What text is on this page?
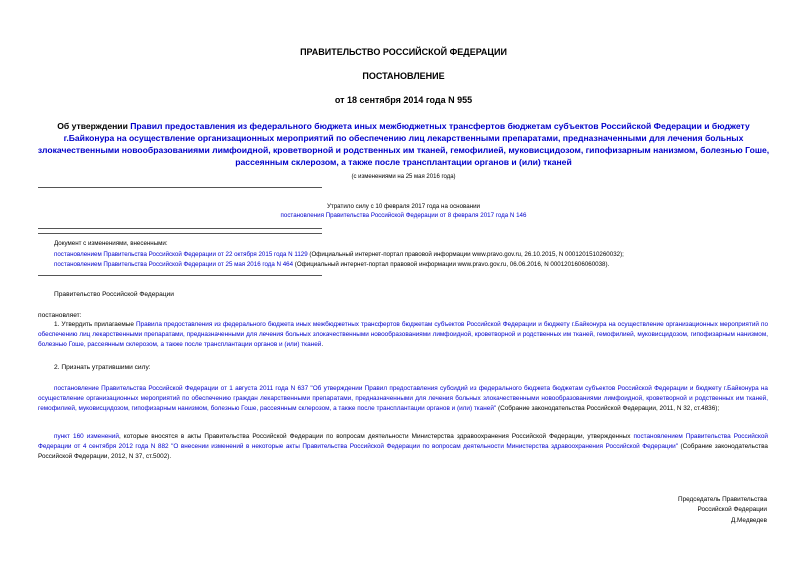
ПРАВИТЕЛЬСТВО РОССИЙСКОЙ ФЕДЕРАЦИИ
ПОСТАНОВЛЕНИЕ
от 18 сентября 2014 года N 955
Об утверждении Правил предоставления из федерального бюджета иных межбюджетных трансфертов бюджетам субъектов Российской Федерации и бюджету г.Байконура на осуществление организационных мероприятий по обеспечению лиц лекарственными препаратами, предназначенными для лечения больных злокачественными новообразованиями лимфоидной, кроветворной и родственных им тканей, гемофилией, муковисцидозом, гипофизарным нанизмом, болезнью Гоше, рассеянным склерозом, а также после трансплантации органов и (или) тканей
(с изменениями на 25 мая 2016 года)
Утратило силу с 10 февраля 2017 года на основании
постановления Правительства Российской Федерации от 8 февраля 2017 года N 146
Документ с изменениями, внесенными:
постановлением Правительства Российской Федерации от 22 октября 2015 года N 1129 (Официальный интернет-портал правовой информации www.pravo.gov.ru, 26.10.2015, N 0001201510260032);
постановлением Правительства Российской Федерации от 25 мая 2016 года N 464 (Официальный интернет-портал правовой информации www.pravo.gov.ru, 06.06.2016, N 0001201606060038).
Правительство Российской Федерации
постановляет:
1. Утвердить прилагаемые Правила предоставления из федерального бюджета иных межбюджетных трансфертов бюджетам субъектов Российской Федерации и бюджету г.Байконура на осуществление организационных мероприятий по обеспечению лиц лекарственными препаратами, предназначенными для лечения больных злокачественными новообразованиями лимфоидной, кроветворной и родственных им тканей, гемофилией, муковисцидозом, гипофизарным нанизмом, болезнью Гоше, рассеянным склерозом, а также после трансплантации органов и (или) тканей.
2. Признать утратившими силу:
постановление Правительства Российской Федерации от 1 августа 2011 года N 637 "Об утверждении Правил предоставления субсидий из федерального бюджета бюджетам субъектов Российской Федерации и бюджету г.Байконура на осуществление организационных мероприятий по обеспечению граждан лекарственными препаратами, предназначенными для лечения больных злокачественными новообразованиями лимфоидной, кроветворной и родственных им тканей, гемофилией, муковисцидозом, гипофизарным нанизмом, болезнью Гоше, рассеянным склерозом, а также после трансплантации органов и (или) тканей" (Собрание законодательства Российской Федерации, 2011, N 32, ст.4836);
пункт 160 изменений, которые вносятся в акты Правительства Российской Федерации по вопросам деятельности Министерства здравоохранения Российской Федерации, утвержденных постановлением Правительства Российской Федерации от 4 сентября 2012 года N 882 "О внесении изменений в некоторые акты Правительства Российской Федерации по вопросам деятельности Министерства здравоохранения Российской Федерации" (Собрание законодательства Российской Федерации, 2012, N 37, ст.5002).
Председатель Правительства
Российской Федерации
Д.Медведев
